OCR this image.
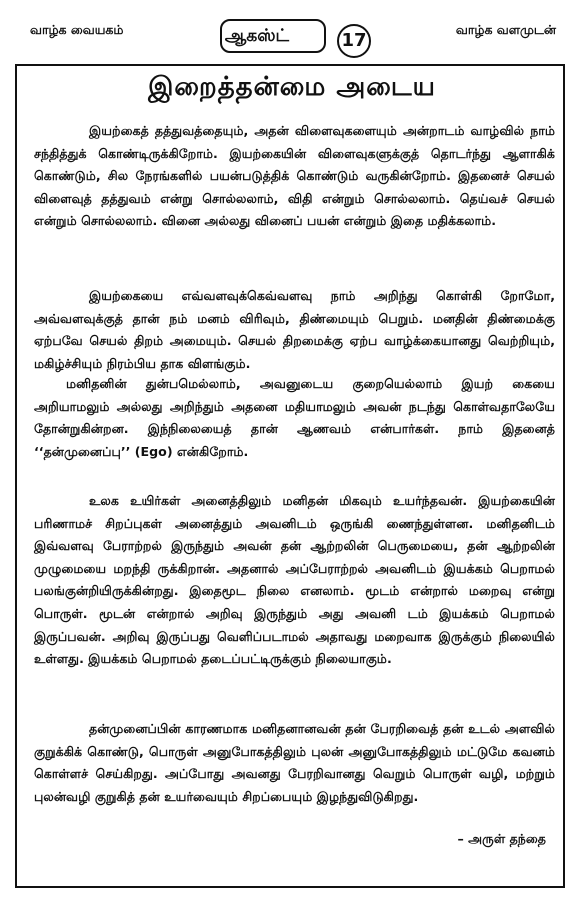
வாழ்க வையகம்	ஆகஸ்ட்	17
வாழ்க வளமுடன்
இறைத்தன்மை அடைய

இயற்கைத் தத்துவத்தையும், அதன் விளைவுகளையும் அன்றாடம் வாழ்வில் நாம் சந்தித்துக் கொண்டிருக்கிறோம். இயற்கையின் விளைவுகளுக்குத் தொடர்ந்து ஆளாகிக் கொண்டும், சில நேரங்களில் பயன்படுத்திக் கொண்டும் வருகின்றோம். இதனைச் செயல் விளைவுத் தத்துவம் என்று சொல்லலாம், விதி என்றும் சொல்லலாம். தெய்வச் செயல் என்றும் சொல்லலாம். வினை அல்லது வினைப் பயன் என்றும் இதை மதிக்கலாம்.

இயற்கையை எவ்வளவுக்கெவ்வளவு நாம் அறிந்து கொள்கி றோமோ, அவ்வளவுக்குத் தான் நம் மனம் விரிவும், திண்மையும் பெறும். மனதின் திண்மைக்கு ஏற்பவே செயல் திறம் அமையும். செயல் திறமைக்கு ஏற்ப வாழ்க்கையானது வெற்றியும், மகிழ்ச்சியும் நிரம்பிய தாக விளங்கும்.

மனிதனின் துன்பமெல்லாம், அவனுடைய குறையெல்லாம் இயற் கையை அறியாமலும் அல்லது அறிந்தும் அதனை மதியாமலும் அவன் நடந்து கொள்வதாலேயே தோன்றுகின்றன. இந்நிலையைத் தான் ஆணவம் என்பார்கள். நாம் இதனைத் ‘‘தன்முனைப்பு’’ (Ego) என்கிறோம்.

உலக உயிர்கள் அனைத்திலும் மனிதன் மிகவும் உயர்ந்தவன். இயற்கையின் பரிணாமச் சிறப்புகள் அனைத்தும் அவனிடம் ஒருங்கி ணைந்துள்ளன. மனிதனிடம் இவ்வளவு பேராற்றல் இருந்தும் அவன் தன் ஆற்றலின் பெருமையை, தன் ஆற்றலின் முழுமையை மறந்தி ருக்கிறான். அதனால் அப்பேராற்றல் அவனிடம் இயக்கம் பெறாமல் பலங்குன்றியிருக்கின்றது. இதைமூட நிலை எனலாம். மூடம் என்றால் மறைவு என்று பொருள். மூடன் என்றால் அறிவு இருந்தும் அது அவனி டம் இயக்கம் பெறாமல் இருப்பவன். அறிவு இருப்பது வெளிப்படாமல் அதாவது மறைவாக இருக்கும் நிலையில் உள்ளது. இயக்கம் பெறாமல் தடைப்பட்டிருக்கும் நிலையாகும்.

தன்முனைப்பின் காரணமாக மனிதனானவன் தன் பேரறிவைத் தன் உடல் அளவில் குறுக்கிக் கொண்டு, பொருள் அனுபோகத்திலும் புலன் அனுபோகத்திலும் மட்டுமே கவனம் கொள்ளச் செய்கிறது. அப்போது அவனது பேரறிவானது வெறும் பொருள் வழி, மற்றும் புலன்வழி குறுகித் தன் உயர்வையும் சிறப்பையும் இழந்துவிடுகிறது.

– அருள் தந்தை
